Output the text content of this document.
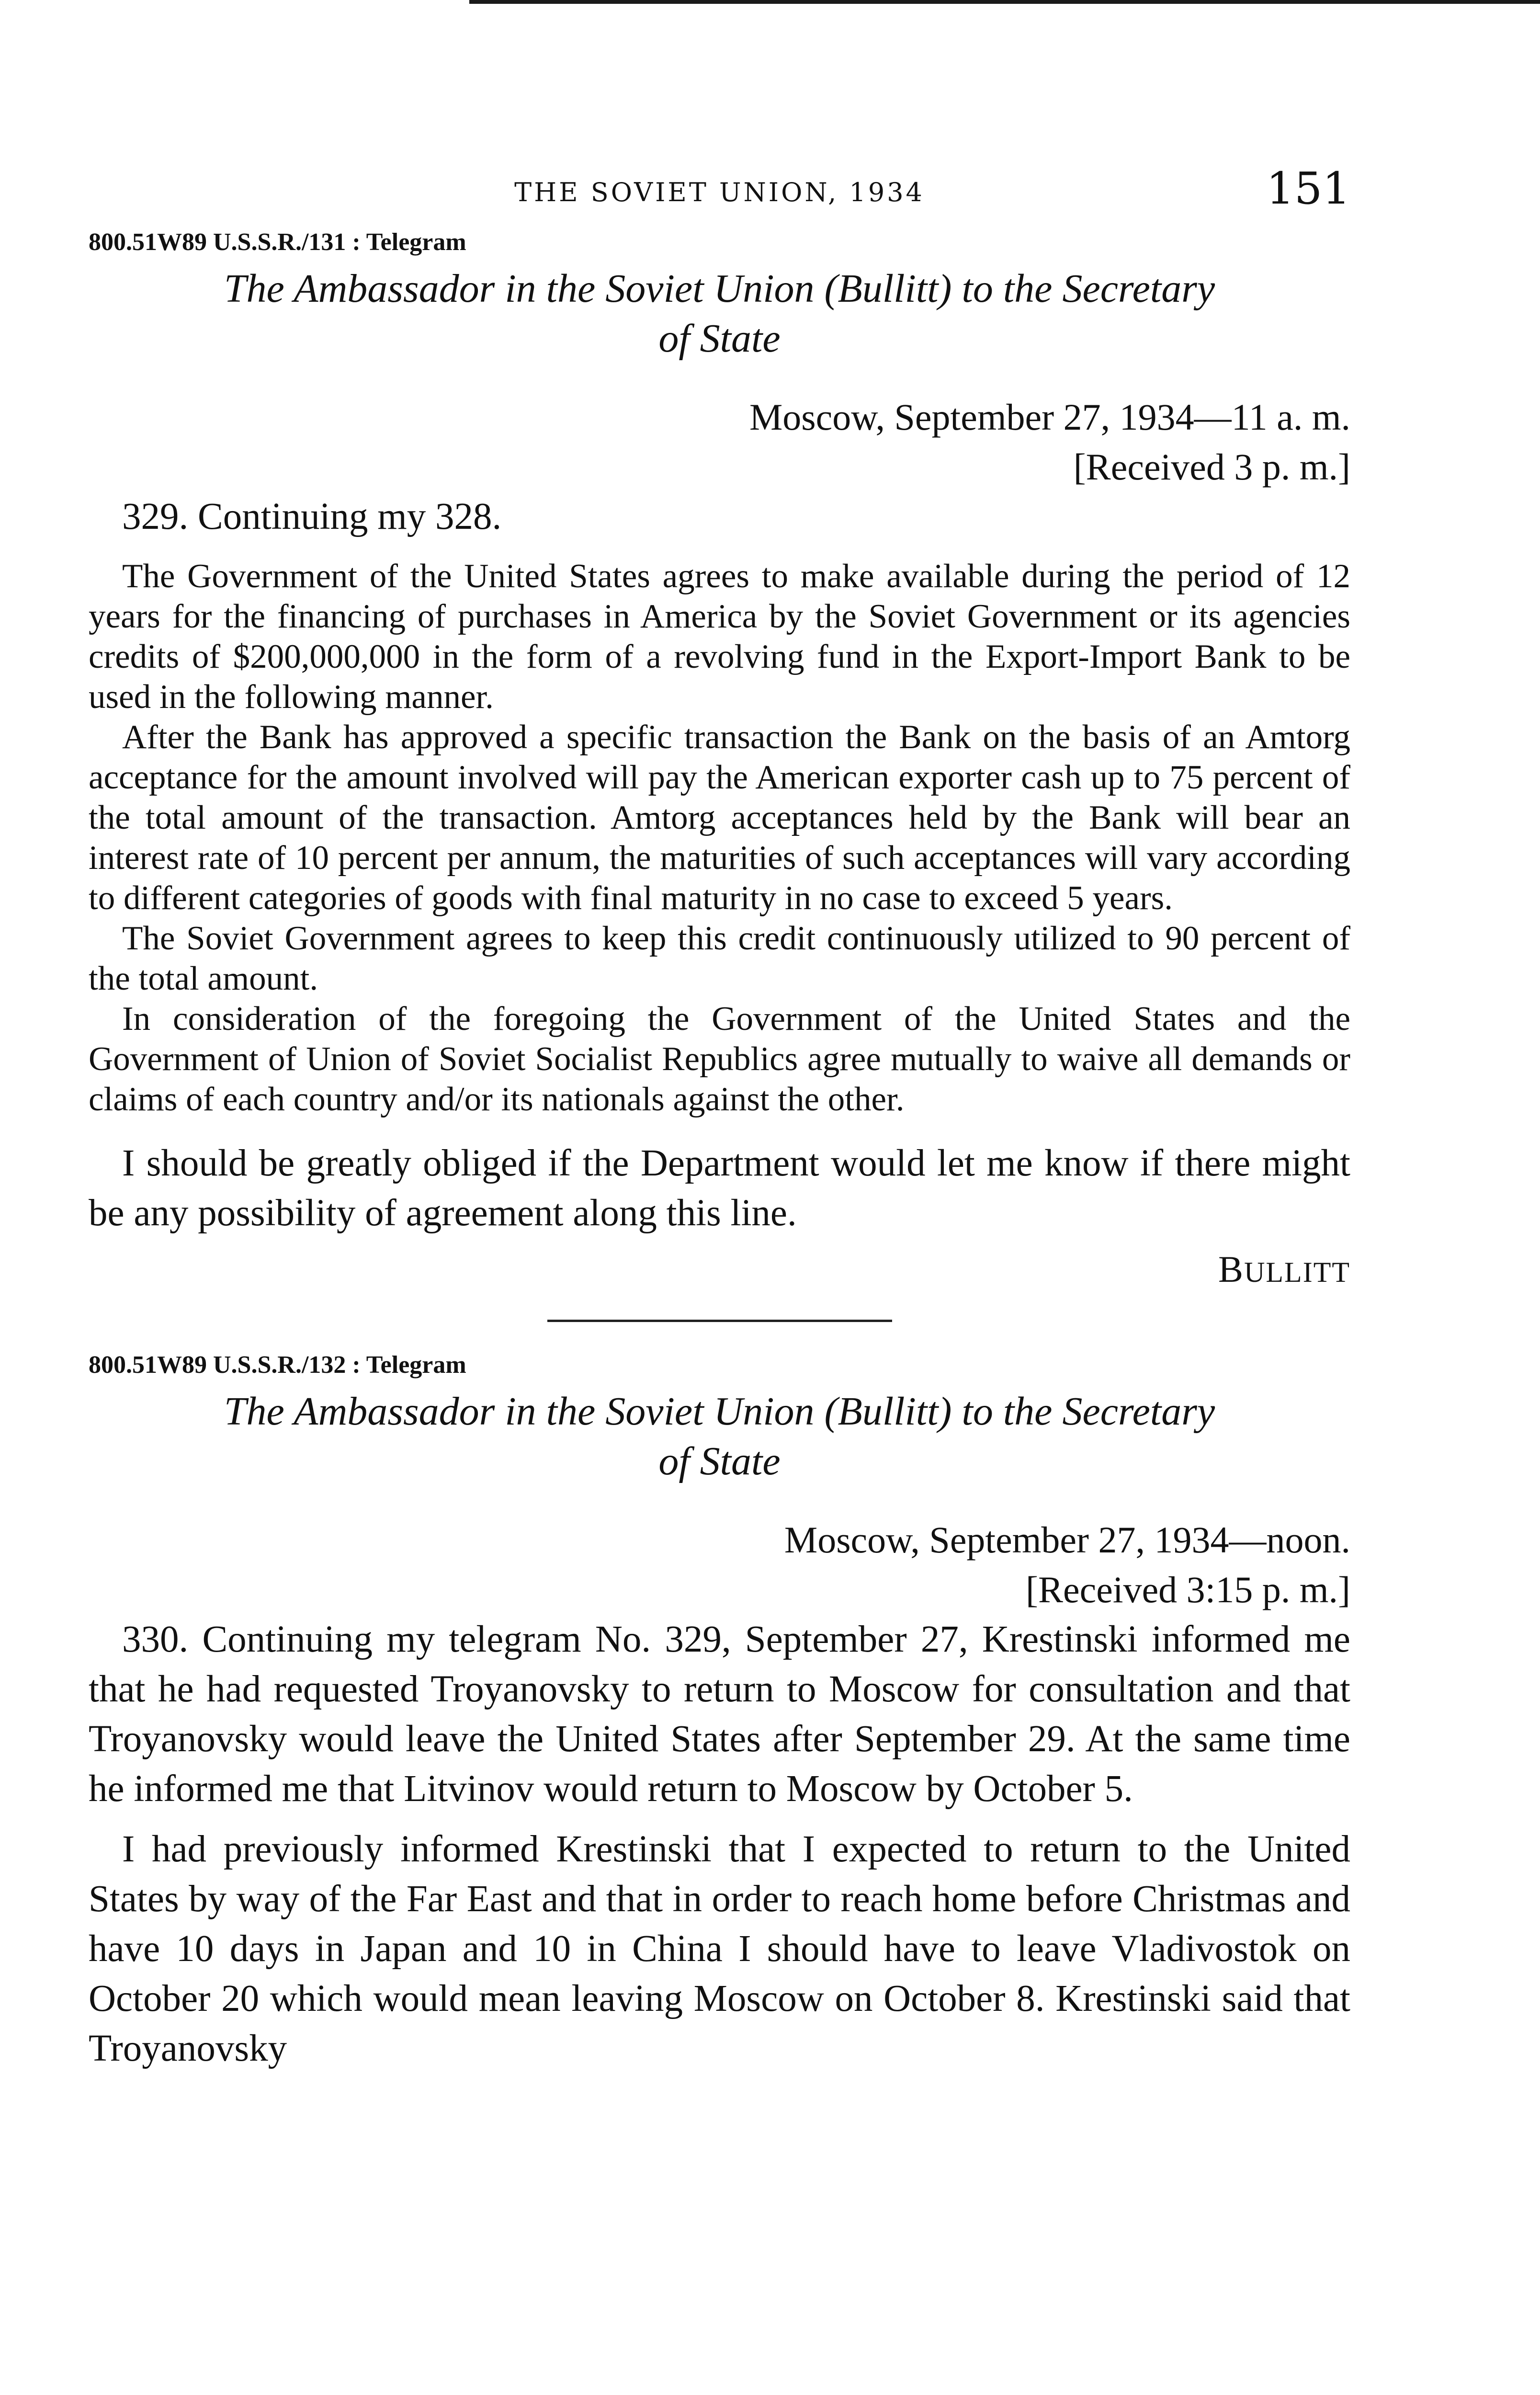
THE SOVIET UNION, 1934	151
800.51W89 U.S.S.R./131 : Telegram
The Ambassador in the Soviet Union (Bullitt) to the Secretary
of State
Moscow, September 27, 1934—11 a. m.
[Received 3 p. m.]

329. Continuing my 328.

The Government of the United States agrees to make available during the period of 12 years for the financing of purchases in America by the Soviet Government or its agencies credits of $200,000,000 in the form of a revolving fund in the Export-Import Bank to be used in the following manner.

After the Bank has approved a specific transaction the Bank on the basis of an Amtorg acceptance for the amount involved will pay the American exporter cash up to 75 percent of the total amount of the transaction. Amtorg acceptances held by the Bank will bear an interest rate of 10 percent per annum, the maturities of such acceptances will vary according to different categories of goods with final maturity in no case to exceed 5 years.

The Soviet Government agrees to keep this credit continuously utilized to 90 percent of the total amount.

In consideration of the foregoing the Government of the United States and the Government of Union of Soviet Socialist Republics agree mutually to waive all demands or claims of each country and/or its nationals against the other.

I should be greatly obliged if the Department would let me know if there might be any possibility of agreement along this line.

BULLITT
800.51W89 U.S.S.R./132 : Telegram
The Ambassador in the Soviet Union (Bullitt) to the Secretary
of State
Moscow, September 27, 1934—noon.
[Received 3:15 p. m.]

330. Continuing my telegram No. 329, September 27, Krestinski informed me that he had requested Troyanovsky to return to Moscow for consultation and that Troyanovsky would leave the United States after September 29. At the same time he informed me that Litvinov would return to Moscow by October 5.

I had previously informed Krestinski that I expected to return to the United States by way of the Far East and that in order to reach home before Christmas and have 10 days in Japan and 10 in China I should have to leave Vladivostok on October 20 which would mean leaving Moscow on October 8. Krestinski said that Troyanovsky
